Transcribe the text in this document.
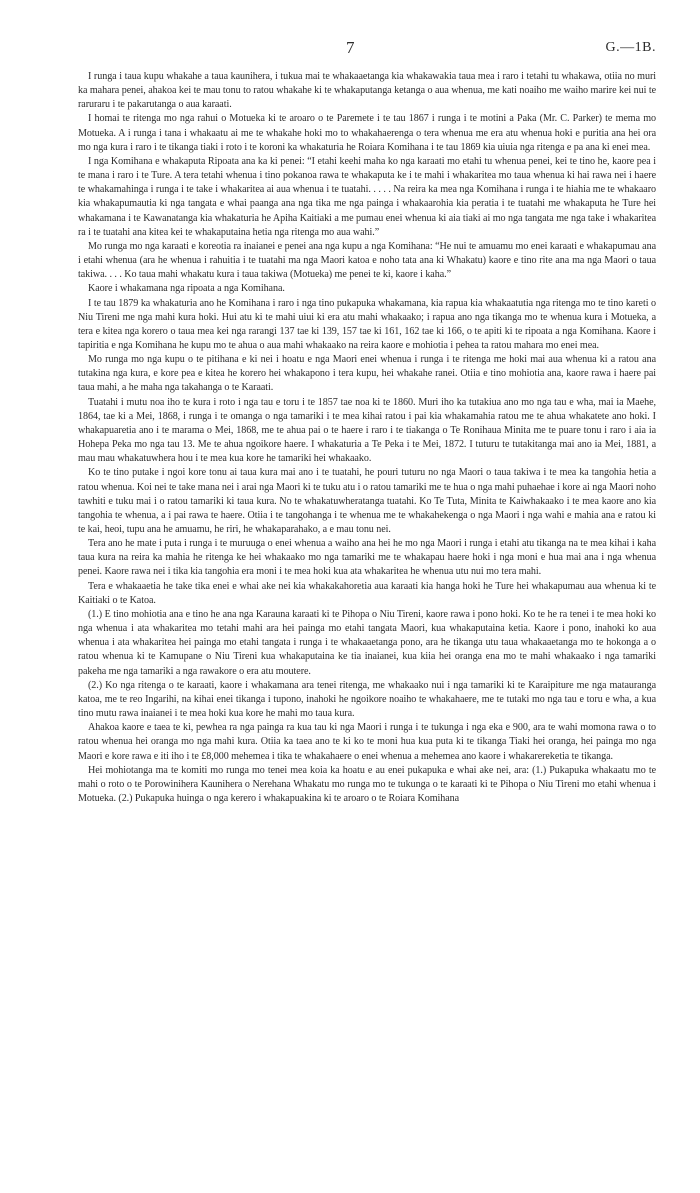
7	G.—1B.

I runga i taua kupu whakahe a taua kaunihera, i tukua mai te whakaaetanga kia whakawakia taua mea i raro i tetahi tu whakawa, otiia no muri ka mahara penei, ahakoa kei te mau tonu to ratou whakahe ki te whakaputanga ketanga o aua whenua, me kati noaiho me waiho marire kei nui te raruraru i te pakarutanga o aua karaati.

I homai te ritenga mo nga rahui o Motueka ki te aroaro o te Paremete i te tau 1867 i runga i te motini a Paka (Mr. C. Parker) te mema mo Motueka. A i runga i tana i whakaatu ai me te whakahe hoki mo to whakahaerenga o tera whenua me era atu whenua hoki e puritia ana hei ora mo nga kura i raro i te tikanga tiaki i roto i te koroni ka whakaturia he Roiara Komihana i te tau 1869 kia uiuia nga ritenga e pa ana ki enei mea.

I nga Komihana e whakaputa Ripoata ana ka ki penei: “I etahi keehi maha ko nga karaati mo etahi tu whenua penei, kei te tino he, kaore pea i te mana i raro i te Ture. A tera tetahi whenua i tino pokanoa rawa te whakaputa ke i te mahi i whakaritea mo taua whenua ki hai rawa nei i haere te whakamahinga i runga i te take i whakaritea ai aua whenua i te tuatahi. . . . . Na reira ka mea nga Komihana i runga i te hiahia me te whakaaro kia whakapumautia ki nga tangata e whai paanga ana nga tika me nga painga i whakaarohia kia peratia i te tuatahi me whakaputa he Ture hei whakamana i te Kawanatanga kia whakaturia he Apiha Kaitiaki a me pumau enei whenua ki aia tiaki ai mo nga tangata me nga take i whakaritea ra i te tuatahi ana kitea kei te whakaputaina hetia nga ritenga mo aua wahi.”

Mo runga mo nga karaati e koreotia ra inaianei e penei ana nga kupu a nga Komihana: “He nui te amuamu mo enei karaati e whakapumau ana i etahi whenua (ara he whenua i rahuitia i te tuatahi ma nga Maori katoa e noho tata ana ki Whakatu) kaore e tino rite ana ma nga Maori o taua takiwa. . . . Ko taua mahi whakatu kura i taua takiwa (Motueka) me penei te ki, kaore i kaha.”

Kaore i whakamana nga ripoata a nga Komihana.

I te tau 1879 ka whakaturia ano he Komihana i raro i nga tino pukapuka whakamana, kia rapua kia whakaatutia nga ritenga mo te tino kareti o Niu Tireni me nga mahi kura hoki. Hui atu ki te mahi uiui ki era atu mahi whakaako; i rapua ano nga tikanga mo te whenua kura i Motueka, a tera e kitea nga korero o taua mea kei nga rarangi 137 tae ki 139, 157 tae ki 161, 162 tae ki 166, o te apiti ki te ripoata a nga Komihana. Kaore i tapiritia e nga Komihana he kupu mo te ahua o aua mahi whakaako na reira kaore e mohiotia i pehea ta ratou mahara mo enei mea.

Mo runga mo nga kupu o te pitihana e ki nei i hoatu e nga Maori enei whenua i runga i te ritenga me hoki mai aua whenua ki a ratou ana tutakina nga kura, e kore pea e kitea he korero hei whakapono i tera kupu, hei whakahe ranei. Otiia e tino mohiotia ana, kaore rawa i haere pai taua mahi, a he maha nga takahanga o te Karaati.

Tuatahi i mutu noa iho te kura i roto i nga tau e toru i te 1857 tae noa ki te 1860. Muri iho ka tutakiua ano mo nga tau e wha, mai ia Maehe, 1864, tae ki a Mei, 1868, i runga i te omanga o nga tamariki i te mea kihai ratou i pai kia whakamahia ratou me te ahua whakatete ano hoki. I whakapuaretia ano i te marama o Mei, 1868, me te ahua pai o te haere i raro i te tiakanga o Te Ronihaua Minita me te puare tonu i raro i aia ia Hohepa Peka mo nga tau 13. Me te ahua ngoikore haere. I whakaturia a Te Peka i te Mei, 1872. I tuturu te tutakitanga mai ano ia Mei, 1881, a mau mau whakatuwhera hou i te mea kua kore he tamariki hei whakaako.

Ko te tino putake i ngoi kore tonu ai taua kura mai ano i te tuatahi, he pouri tuturu no nga Maori o taua takiwa i te mea ka tangohia hetia a ratou whenua. Koi nei te take mana nei i arai nga Maori ki te tuku atu i o ratou tamariki me te hua o nga mahi puhaehae i kore ai nga Maori noho tawhiti e tuku mai i o ratou tamariki ki taua kura. No te whakatuwheratanga tuatahi. Ko Te Tuta, Minita te Kaiwhakaako i te mea kaore ano kia tangohia te whenua, a i pai rawa te haere. Otiia i te tangohanga i te whenua me te whakahekenga o nga Maori i nga wahi e mahia ana e ratou ki te kai, heoi, tupu ana he amuamu, he riri, he whakaparahako, a e mau tonu nei.

Tera ano he mate i puta i runga i te muruuga o enei whenua a waiho ana hei he mo nga Maori i runga i etahi atu tikanga na te mea kihai i kaha taua kura na reira ka mahia he ritenga ke hei whakaako mo nga tamariki me te whakapau haere hoki i nga moni e hua mai ana i nga whenua penei. Kaore rawa nei i tika kia tangohia era moni i te mea hoki kua ata whakaritea he whenua utu nui mo tera mahi.

Tera e whakaaetia he take tika enei e whai ake nei kia whakakahoretia aua karaati kia hanga hoki he Ture hei whakapumau aua whenua ki te Kaitiaki o te Katoa.

(1.) E tino mohiotia ana e tino he ana nga Karauna karaati ki te Pihopa o Niu Tireni, kaore rawa i pono hoki. Ko te he ra tenei i te mea hoki ko nga whenua i ata whakaritea mo tetahi mahi ara hei painga mo etahi tangata Maori, kua whakaputaina ketia. Kaore i pono, inahoki ko aua whenua i ata whakaritea hei painga mo etahi tangata i runga i te whakaaetanga pono, ara he tikanga utu taua whakaaetanga mo te hokonga a o ratou whenua ki te Kamupane o Niu Tireni kua whakaputaina ke tia inaianei, kua kiia hei oranga ena mo te mahi whakaako i nga tamariki pakeha me nga tamariki a nga rawakore o era atu moutere.

(2.) Ko nga ritenga o te karaati, kaore i whakamana ara tenei ritenga, me whakaako nui i nga tamariki ki te Karaipiture me nga matauranga katoa, me te reo Ingarihi, na kihai enei tikanga i tupono, inahoki he ngoikore noaiho te whakahaere, me te tutaki mo nga tau e toru e wha, a kua tino mutu rawa inaianei i te mea hoki kua kore he mahi mo taua kura.

Ahakoa kaore e taea te ki, pewhea ra nga painga ra kua tau ki nga Maori i runga i te tukunga i nga eka e 900, ara te wahi momona rawa o to ratou whenua hei oranga mo nga mahi kura. Otiia ka taea ano te ki ko te moni hua kua puta ki te tikanga Tiaki hei oranga, hei painga mo nga Maori e kore rawa e iti iho i te £8,000 mehemea i tika te whakahaere o enei whenua a mehemea ano kaore i whakarereketia te tikanga.

Hei mohiotanga ma te komiti mo runga mo tenei mea koia ka hoatu e au enei pukapuka e whai ake nei, ara: (1.) Pukapuka whakaatu mo te mahi o roto o te Porowinihera Kaunihera o Nerehana Whakatu mo runga mo te tukunga o te karaati ki te Pihopa o Niu Tireni mo etahi whenua i Motueka. (2.) Pukapuka huinga o nga kerero i whakapuakina ki te aroaro o te Roiara Komihana
